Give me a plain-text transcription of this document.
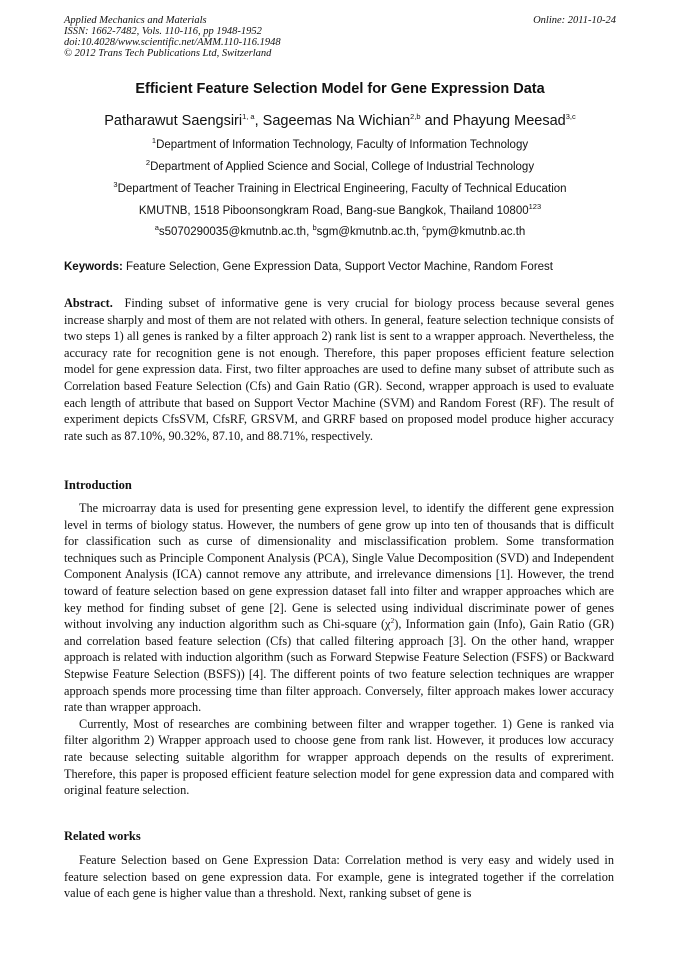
Applied Mechanics and Materials
ISSN: 1662-7482, Vols. 110-116, pp 1948-1952
doi:10.4028/www.scientific.net/AMM.110-116.1948
© 2012 Trans Tech Publications Ltd, Switzerland
Online: 2011-10-24
Efficient Feature Selection Model for Gene Expression Data
Patharawut Saengsiri$^{1, a}$, Sageemas Na Wichian$^{2,b}$ and Phayung Meesad$^{3,c}$
$^1$Department of Information Technology, Faculty of Information Technology
$^2$Department of Applied Science and Social, College of Industrial Technology
$^3$Department of Teacher Training in Electrical Engineering, Faculty of Technical Education
KMUTNB, 1518 Piboonsongkram Road, Bang-sue Bangkok, Thailand 10800$^{123}$
$^a$s5070290035@kmutnb.ac.th, $^b$sgm@kmutnb.ac.th, $^c$pym@kmutnb.ac.th
Keywords: Feature Selection, Gene Expression Data, Support Vector Machine, Random Forest

Abstract. Finding subset of informative gene is very crucial for biology process because several genes increase sharply and most of them are not related with others. In general, feature selection technique consists of two steps 1) all genes is ranked by a filter approach 2) rank list is sent to a wrapper approach. Nevertheless, the accuracy rate for recognition gene is not enough. Therefore, this paper proposes efficient feature selection model for gene expression data. First, two filter approaches are used to define many subset of attribute such as Correlation based Feature Selection (Cfs) and Gain Ratio (GR). Second, wrapper approach is used to evaluate each length of attribute that based on Support Vector Machine (SVM) and Random Forest (RF). The result of experiment depicts CfsSVM, CfsRF, GRSVM, and GRRF based on proposed model produce higher accuracy rate such as 87.10%, 90.32%, 87.10, and 88.71%, respectively.

Introduction

The microarray data is used for presenting gene expression level, to identify the different gene expression level in terms of biology status. However, the numbers of gene grow up into ten of thousands that is difficult for classification such as curse of dimensionality and misclassification problem. Some transformation techniques such as Principle Component Analysis (PCA), Single Value Decomposition (SVD) and Independent Component Analysis (ICA) cannot remove any attribute, and irrelevance dimensions [1]. However, the trend toward of feature selection based on gene expression dataset fall into filter and wrapper approaches which are key method for finding subset of gene [2]. Gene is selected using individual discriminate power of genes without involving any induction algorithm such as Chi-square $(\chi^2)$, Information gain (Info), Gain Ratio (GR) and correlation based feature selection (Cfs) that called filtering approach [3]. On the other hand, wrapper approach is related with induction algorithm (such as Forward Stepwise Feature Selection (FSFS) or Backward Stepwise Feature Selection (BSFS)) [4]. The different points of two feature selection techniques are wrapper approach spends more processing time than filter approach. Conversely, filter approach makes lower accuracy rate than wrapper approach.

Currently, Most of researches are combining between filter and wrapper together. 1) Gene is ranked via filter algorithm 2) Wrapper approach used to choose gene from rank list. However, it produces low accuracy rate because selecting suitable algorithm for wrapper approach depends on the results of expreriment. Therefore, this paper is proposed efficient feature selection model for gene expression data and compared with original feature selection.

Related works

Feature Selection based on Gene Expression Data: Correlation method is very easy and widely used in feature selection based on gene expression data. For example, gene is integrated together if the correlation value of each gene is higher value than a threshold. Next, ranking subset of gene is
